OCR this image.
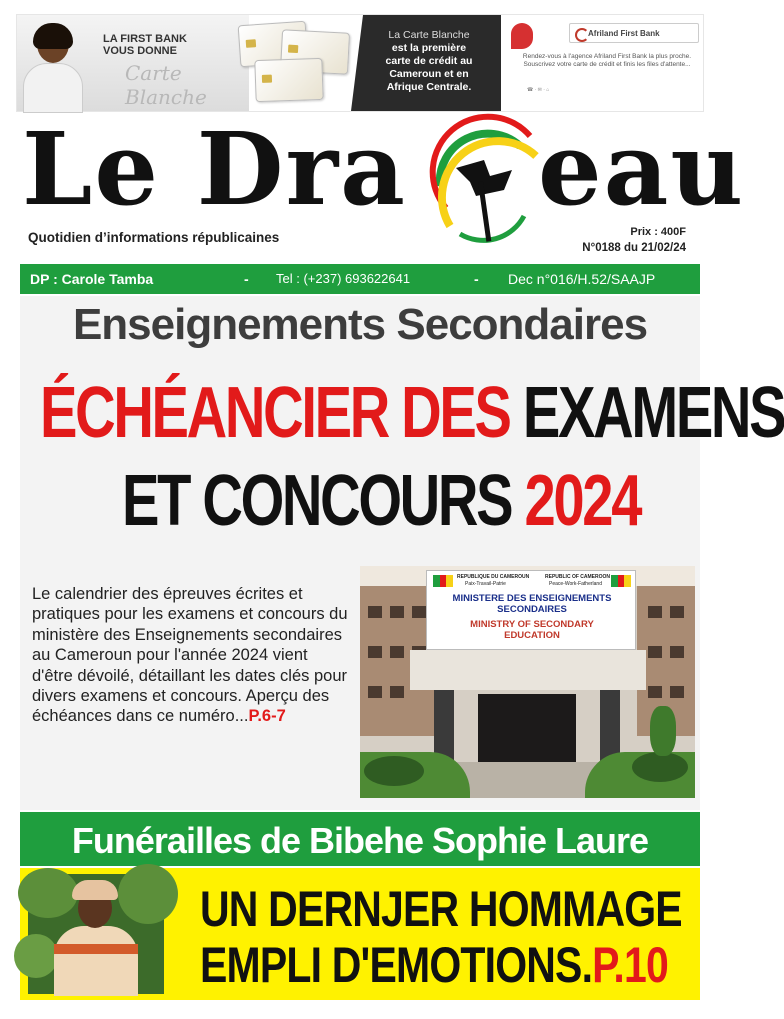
LA FIRST BANK
VOUS DONNE
Carte Blanche
La Carte Blanche
est la première
carte de crédit au
Cameroun et en
Afrique Centrale.
Afriland First Bank
Rendez-vous à l'agence Afriland First Bank la plus proche. Souscrivez votre carte de crédit et finis les files d'attente...
☎ · ✉ · ⌂
Le Dra eau
Quotidien d’informations républicaines	Prix : 400F
N°0188 du 21/02/24
DP : Carole Tamba	- Tel : (+237) 693622641	- Dec n°016/H.52/SAAJP
Enseignements Secondaires
ÉCHÉANCIER DES EXAMENS
ET CONCOURS 2024
Le calendrier des épreuves écrites et pratiques pour les examens et concours du ministère des Enseignements secondaires au Cameroun pour l'année 2024 vient d'être dévoilé, détaillant les dates clés pour divers examens et concours. Aperçu des échéances dans ce numéro...P.6-7
REPUBLIQUE DU CAMEROUN
Paix-Travail-Patrie
REPUBLIC OF CAMEROON
Peace-Work-Fatherland
MINISTERE DES ENSEIGNEMENTS
SECONDAIRES
MINISTRY OF SECONDARY
EDUCATION
Funérailles de Bibehe Sophie Laure
UN DERNJER HOMMAGE
EMPLI D'EMOTIONS.P.10
